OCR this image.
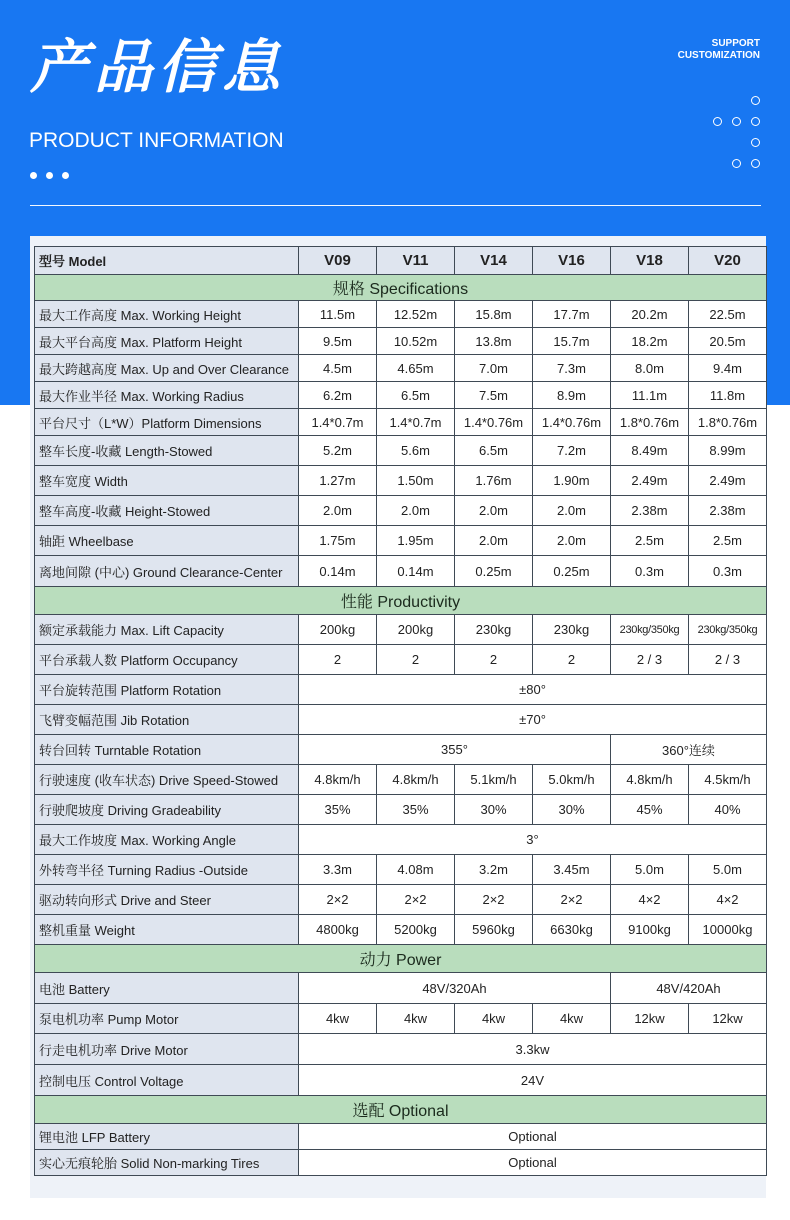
产品信息
PRODUCT INFORMATION
SUPPORT
CUSTOMIZATION
型号 Model	V09	V11	V14	V16	V18	V20
规格 Specifications						
最大工作高度 Max. Working Height	11.5m	12.52m	15.8m	17.7m	20.2m	22.5m
最大平台高度 Max. Platform Height	9.5m	10.52m	13.8m	15.7m	18.2m	20.5m
最大跨越高度 Max. Up and Over Clearance	4.5m	4.65m	7.0m	7.3m	8.0m	9.4m
最大作业半径 Max. Working Radius	6.2m	6.5m	7.5m	8.9m	11.1m	11.8m
平台尺寸（L*W）Platform Dimensions	1.4*0.7m	1.4*0.7m	1.4*0.76m	1.4*0.76m	1.8*0.76m	1.8*0.76m
整车长度-收藏 Length-Stowed	5.2m	5.6m	6.5m	7.2m	8.49m	8.99m
整车宽度 Width	1.27m	1.50m	1.76m	1.90m	2.49m	2.49m
整车高度-收藏 Height-Stowed	2.0m	2.0m	2.0m	2.0m	2.38m	2.38m
轴距 Wheelbase	1.75m	1.95m	2.0m	2.0m	2.5m	2.5m
离地间隙 (中心) Ground Clearance-Center	0.14m	0.14m	0.25m	0.25m	0.3m	0.3m
性能 Productivity						
额定承载能力 Max. Lift Capacity	200kg	200kg	230kg	230kg	230kg/350kg	230kg/350kg
平台承载人数 Platform Occupancy	2	2	2	2	2 / 3	2 / 3
平台旋转范围 Platform Rotation	±80°					
飞臂变幅范围 Jib Rotation	±70°					
转台回转 Turntable Rotation	355°				360°连续	
行驶速度 (收车状态) Drive Speed-Stowed	4.8km/h	4.8km/h	5.1km/h	5.0km/h	4.8km/h	4.5km/h
行驶爬坡度 Driving Gradeability	35%	35%	30%	30%	45%	40%
最大工作坡度 Max. Working Angle	3°					
外转弯半径 Turning Radius -Outside	3.3m	4.08m	3.2m	3.45m	5.0m	5.0m
驱动转向形式 Drive and Steer	2×2	2×2	2×2	2×2	4×2	4×2
整机重量 Weight	4800kg	5200kg	5960kg	6630kg	9100kg	10000kg
动力 Power						
电池 Battery	48V/320Ah				48V/420Ah	
泵电机功率 Pump Motor	4kw	4kw	4kw	4kw	12kw	12kw
行走电机功率 Drive Motor	3.3kw					
控制电压 Control Voltage	24V					
选配 Optional						
锂电池 LFP Battery	Optional					
实心无痕轮胎 Solid Non-marking Tires	Optional					
